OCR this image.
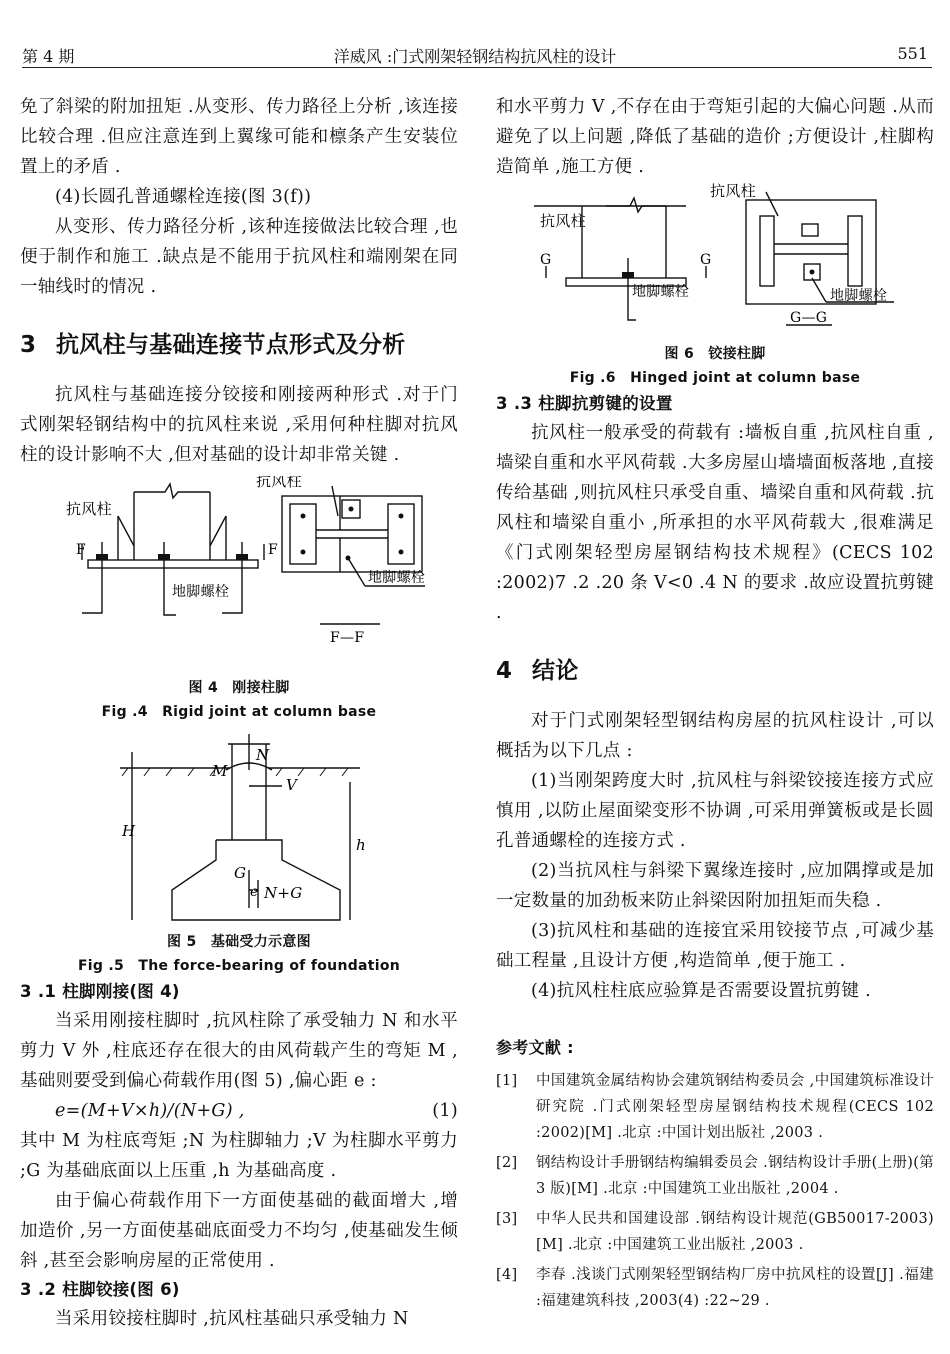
第 4 期	洋威风 :门式刚架轻钢结构抗风柱的设计	551

免了斜梁的附加扭矩 .从变形、传力路径上分析 ,该连接比较合理 .但应注意连到上翼缘可能和檩条产生安装位置上的矛盾 .

(4)长圆孔普通螺栓连接(图 3(f))

从变形、传力路径分析 ,该种连接做法比较合理 ,也便于制作和施工 .缺点是不能用于抗风柱和端刚架在同一轴线时的情况 .

3 抗风柱与基础连接节点形式及分析

抗风柱与基础连接分铰接和刚接两种形式 .对于门式刚架轻钢结构中的抗风柱来说 ,采用何种柱脚对抗风柱的设计影响不大 ,但对基础的设计却非常关键 .

抗风柱
抗风柱
地脚螺栓
地脚螺栓
F	F
F—F
图 4　刚接柱脚
Fig .4　Rigid joint at column base
N
M
V
H
h
G
e N+G
图 5　基础受力示意图
Fig .5　The force-bearing of foundation
3 .1 柱脚刚接(图 4)

当采用刚接柱脚时 ,抗风柱除了承受轴力 N 和水平剪力 V 外 ,柱底还存在很大的由风荷载产生的弯矩 M ,基础则要受到偏心荷载作用(图 5) ,偏心距 e :

e=(M+V×h)/(N+G) ,	(1)

其中 M 为柱底弯矩 ;N 为柱脚轴力 ;V 为柱脚水平剪力 ;G 为基础底面以上压重 ,h 为基础高度 .

由于偏心荷载作用下一方面使基础的截面增大 ,增加造价 ,另一方面使基础底面受力不均匀 ,使基础发生倾斜 ,甚至会影响房屋的正常使用 .

3 .2 柱脚铰接(图 6)

当采用铰接柱脚时 ,抗风柱基础只承受轴力 N

和水平剪力 V ,不存在由于弯矩引起的大偏心问题 .从而避免了以上问题 ,降低了基础的造价 ;方便设计 ,柱脚构造简单 ,施工方便 .

抗风柱
抗风柱
地脚螺栓	地脚螺栓
G	G
G—G
图 6　铰接柱脚
Fig .6　Hinged joint at column base
3 .3 柱脚抗剪键的设置

抗风柱一般承受的荷载有 :墙板自重 ,抗风柱自重 ,墙梁自重和水平风荷载 .大多房屋山墙墙面板落地 ,直接传给基础 ,则抗风柱只承受自重、墙梁自重和风荷载 .抗风柱和墙梁自重小 ,所承担的水平风荷载大 ,很难满足《门式刚架轻型房屋钢结构技术规程》(CECS 102 :2002)7 .2 .20 条 V<0 .4 N 的要求 .故应设置抗剪键 .

4 结论

对于门式刚架轻型钢结构房屋的抗风柱设计 ,可以概括为以下几点 :

(1)当刚架跨度大时 ,抗风柱与斜梁铰接连接方式应慎用 ,以防止屋面梁变形不协调 ,可采用弹簧板或是长圆孔普通螺栓的连接方式 .

(2)当抗风柱与斜梁下翼缘连接时 ,应加隅撑或是加一定数量的加劲板来防止斜梁因附加扭矩而失稳 .

(3)抗风柱和基础的连接宜采用铰接节点 ,可减少基础工程量 ,且设计方便 ,构造简单 ,便于施工 .

(4)抗风柱柱底应验算是否需要设置抗剪键 .

参考文献 :
[1]	中国建筑金属结构协会建筑钢结构委员会 ,中国建筑标准设计研究院 .门式刚架轻型房屋钢结构技术规程(CECS 102 :2002)[M] .北京 :中国计划出版社 ,2003 .
[2]	钢结构设计手册钢结构编辑委员会 .钢结构设计手册(上册)(第 3 版)[M] .北京 :中国建筑工业出版社 ,2004 .
[3]	中华人民共和国建设部 .钢结构设计规范(GB50017-2003)[M] .北京 :中国建筑工业出版社 ,2003 .
[4]	李春 .浅谈门式刚架轻型钢结构厂房中抗风柱的设置[J] .福建 :福建建筑科技 ,2003(4) :22~29 .
